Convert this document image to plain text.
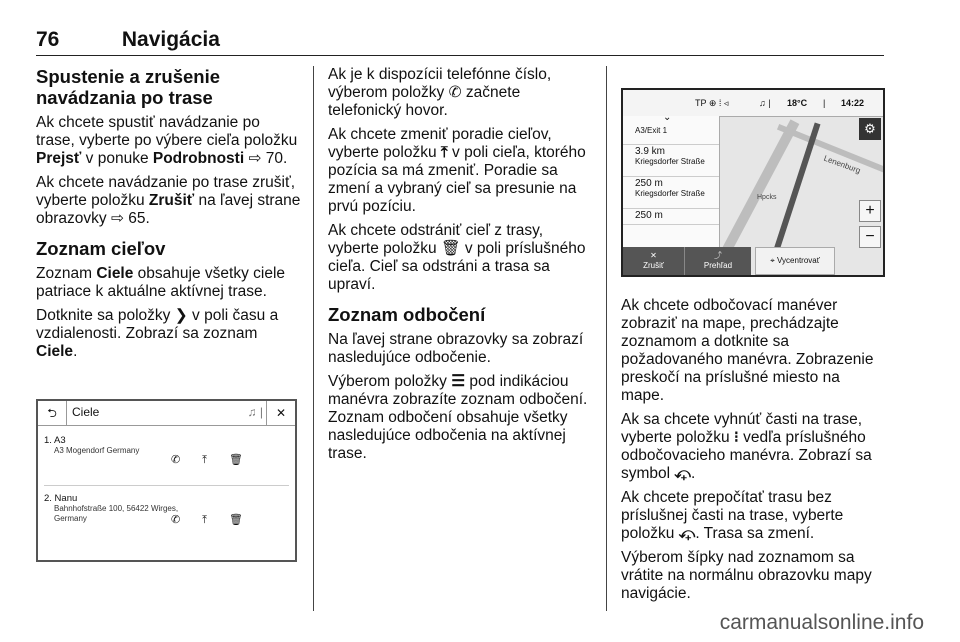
76	Navigácia
Spustenie a zrušenie navádzania po trase

Ak chcete spustiť navádzanie po trase, vyberte po výbere cieľa položku Prejsť v ponuke Podrobnosti ⇨ 70.

Ak chcete navádzanie po trase zrušiť, vyberte položku Zrušiť na ľavej strane obrazovky ⇨ 65.

Zoznam cieľov

Zoznam Ciele obsahuje všetky ciele patriace k aktuálne aktívnej trase.

Dotknite sa položky ❯ v poli času a vzdialenosti. Zobrazí sa zoznam Ciele.

⮌	Ciele	♫ |	✕
1. A3
A3 Mogendorf Germany
✆⤒🗑
2. Nanu
Bahnhofstraße 100, 56422 Wirges,
Germany	✆⤒🗑

Ak je k dispozícii telefónne číslo, výberom položky ✆ začnete telefonický hovor.

Ak chcete zmeniť poradie cieľov, vyberte položku ⤒ v poli cieľa, ktorého pozícia sa má zmeniť. Poradie sa zmení a vybraný cieľ sa presunie na prvú pozíciu.

Ak chcete odstrániť cieľ z trasy, vyberte položku 🗑 v poli príslušného cieľa. Cieľ sa odstráni a trasa sa upraví.

Zoznam odbočení

Na ľavej strane obrazovky sa zobrazí nasledujúce odbočenie.

Výberom položky ☰ pod indikáciou manévra zobrazíte zoznam odbočení. Zoznam odbočení obsahuje všetky nasledujúce odbočenia na aktívnej trase.

Lenenburg
Hpcks
TP ⊕ ⁞ ◃	♫ | 18°C | 14:22
⌄
A3/Exit 1
3.9 km
Kriegsdorfer Straße
250 m
Kriegsdorfer Straße
250 m
✕
Zrušiť
⤴
Prehľad
⌖ Vycentrovať
⚙
+
−

Ak chcete odbočovací manéver zobraziť na mape, prechádzajte zoznamom a dotknite sa požadovaného manévra. Zobrazenie preskočí na príslušné miesto na mape.

Ak sa chcete vyhnúť časti na trase, vyberte položku ⁝ vedľa príslušného odbočovacieho manévra. Zobrazí sa symbol ⤽.

Ak chcete prepočítať trasu bez príslušnej časti na trase, vyberte položku ⤽. Trasa sa zmení.

Výberom šípky nad zoznamom sa vrátite na normálnu obrazovku mapy navigácie.

carmanualsonline.info
